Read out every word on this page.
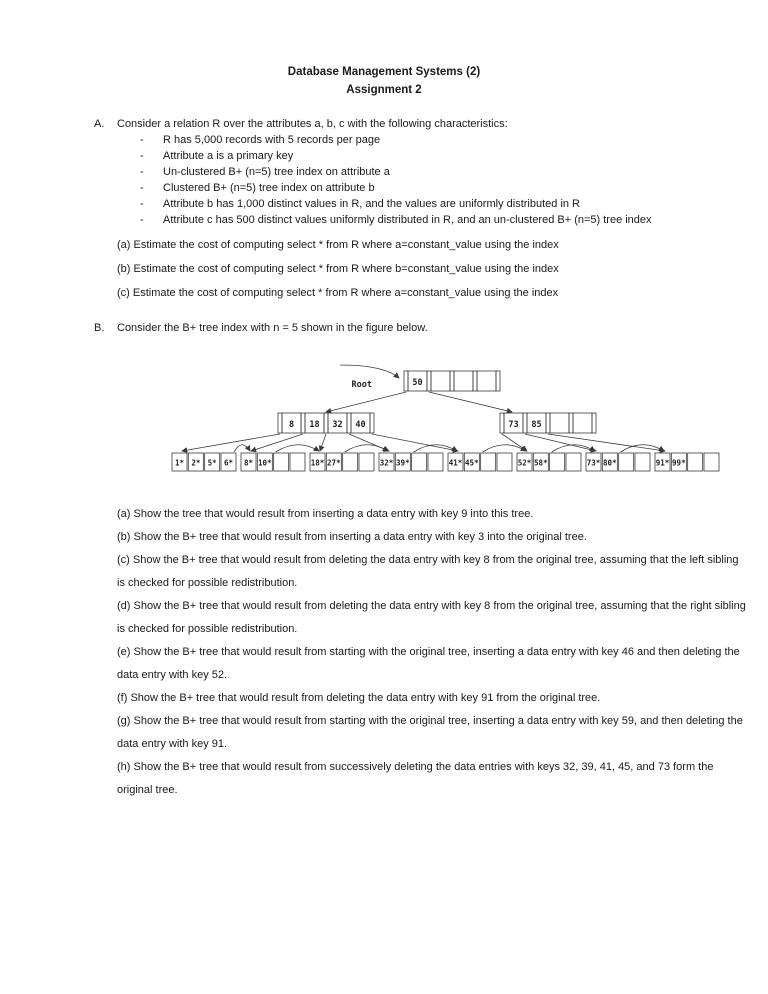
Database Management Systems (2)
Assignment 2
A.	Consider a relation R over the attributes a, b, c with the following characteristics:
-	R has 5,000 records with 5 records per page
-	Attribute a is a primary key
-	Un-clustered B+ (n=5) tree index on attribute a
-	Clustered B+ (n=5) tree index on attribute b
-	Attribute b has 1,000 distinct values in R, and the values are uniformly distributed in R
-	Attribute c has 500 distinct values uniformly distributed in R, and an un-clustered B+ (n=5) tree index

(a) Estimate the cost of computing select * from R where a=constant_value using the index

(b) Estimate the cost of computing select * from R where b=constant_value using the index

(c) Estimate the cost of computing select * from R where a=constant_value using the index

B.	Consider the B+ tree index with n = 5 shown in the figure below.
1* 2* 5* 6* 8* 10*	18* 27*	32* 39*	41* 45*	52* 58*	73* 80*	91* 99*
8 18 32 40	73 85
50
Root

(a) Show the tree that would result from inserting a data entry with key 9 into this tree.

(b) Show the B+ tree that would result from inserting a data entry with key 3 into the original tree.

(c) Show the B+ tree that would result from deleting the data entry with key 8 from the original tree, assuming that the left sibling is checked for possible redistribution.

(d) Show the B+ tree that would result from deleting the data entry with key 8 from the original tree, assuming that the right sibling is checked for possible redistribution.

(e) Show the B+ tree that would result from starting with the original tree, inserting a data entry with key 46 and then deleting the data entry with key 52.

(f) Show the B+ tree that would result from deleting the data entry with key 91 from the original tree.

(g) Show the B+ tree that would result from starting with the original tree, inserting a data entry with key 59, and then deleting the data entry with key 91.

(h) Show the B+ tree that would result from successively deleting the data entries with keys 32, 39, 41, 45, and 73 form the original tree.
